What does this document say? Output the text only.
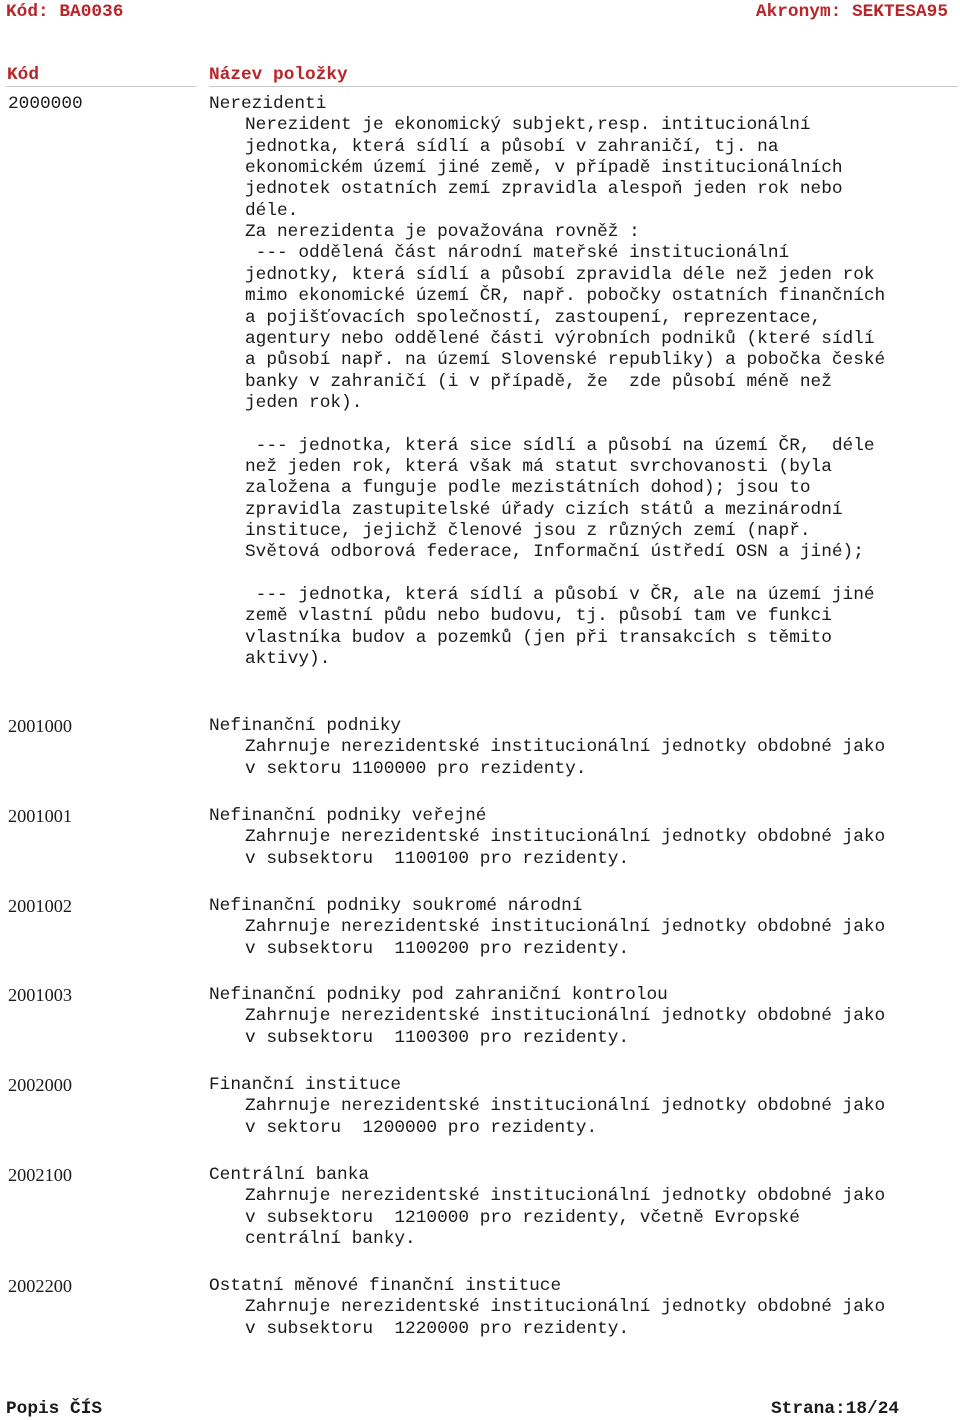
Kód: BA0036	Akronym: SEKTESA95
Kód	Název položky
2000000	Nerezidenti
Nerezident je ekonomický subjekt,resp. intitucionální
jednotka, která sídlí a působí v zahraničí, tj. na
ekonomickém území jiné země, v případě institucionálních
jednotek ostatních zemí zpravidla alespoň jeden rok nebo
déle.
Za nerezidenta je považována rovněž :
--- oddělená část národní mateřské institucionální
jednotky, která sídlí a působí zpravidla déle než jeden rok
mimo ekonomické území ČR, např. pobočky ostatních finančních
a pojišťovacích společností, zastoupení, reprezentace,
agentury nebo oddělené části výrobních podniků (které sídlí
a působí např. na území Slovenské republiky) a pobočka české
banky v zahraničí (i v případě, že  zde působí méně než
jeden rok).
--- jednotka, která sice sídlí a působí na území ČR,  déle
než jeden rok, která však má statut svrchovanosti (byla
založena a funguje podle mezistátních dohod); jsou to
zpravidla zastupitelské úřady cizích států a mezinárodní
instituce, jejichž členové jsou z různých zemí (např.
Světová odborová federace, Informační ústředí OSN a jiné);
--- jednotka, která sídlí a působí v ČR, ale na území jiné
země vlastní půdu nebo budovu, tj. působí tam ve funkci
vlastníka budov a pozemků (jen při transakcích s těmito
aktivy).
2001000	Nefinanční podniky
Zahrnuje nerezidentské institucionální jednotky obdobné jako
v sektoru 1100000 pro rezidenty.
2001001	Nefinanční podniky veřejné
Zahrnuje nerezidentské institucionální jednotky obdobné jako
v subsektoru  1100100 pro rezidenty.
2001002	Nefinanční podniky soukromé národní
Zahrnuje nerezidentské institucionální jednotky obdobné jako
v subsektoru  1100200 pro rezidenty.
2001003	Nefinanční podniky pod zahraniční kontrolou
Zahrnuje nerezidentské institucionální jednotky obdobné jako
v subsektoru  1100300 pro rezidenty.
2002000	Finanční instituce
Zahrnuje nerezidentské institucionální jednotky obdobné jako
v sektoru  1200000 pro rezidenty.
2002100	Centrální banka
Zahrnuje nerezidentské institucionální jednotky obdobné jako
v subsektoru  1210000 pro rezidenty, včetně Evropské
centrální banky.
2002200	Ostatní měnové finanční instituce
Zahrnuje nerezidentské institucionální jednotky obdobné jako
v subsektoru  1220000 pro rezidenty.
Popis ČÍS	Strana:18/24
